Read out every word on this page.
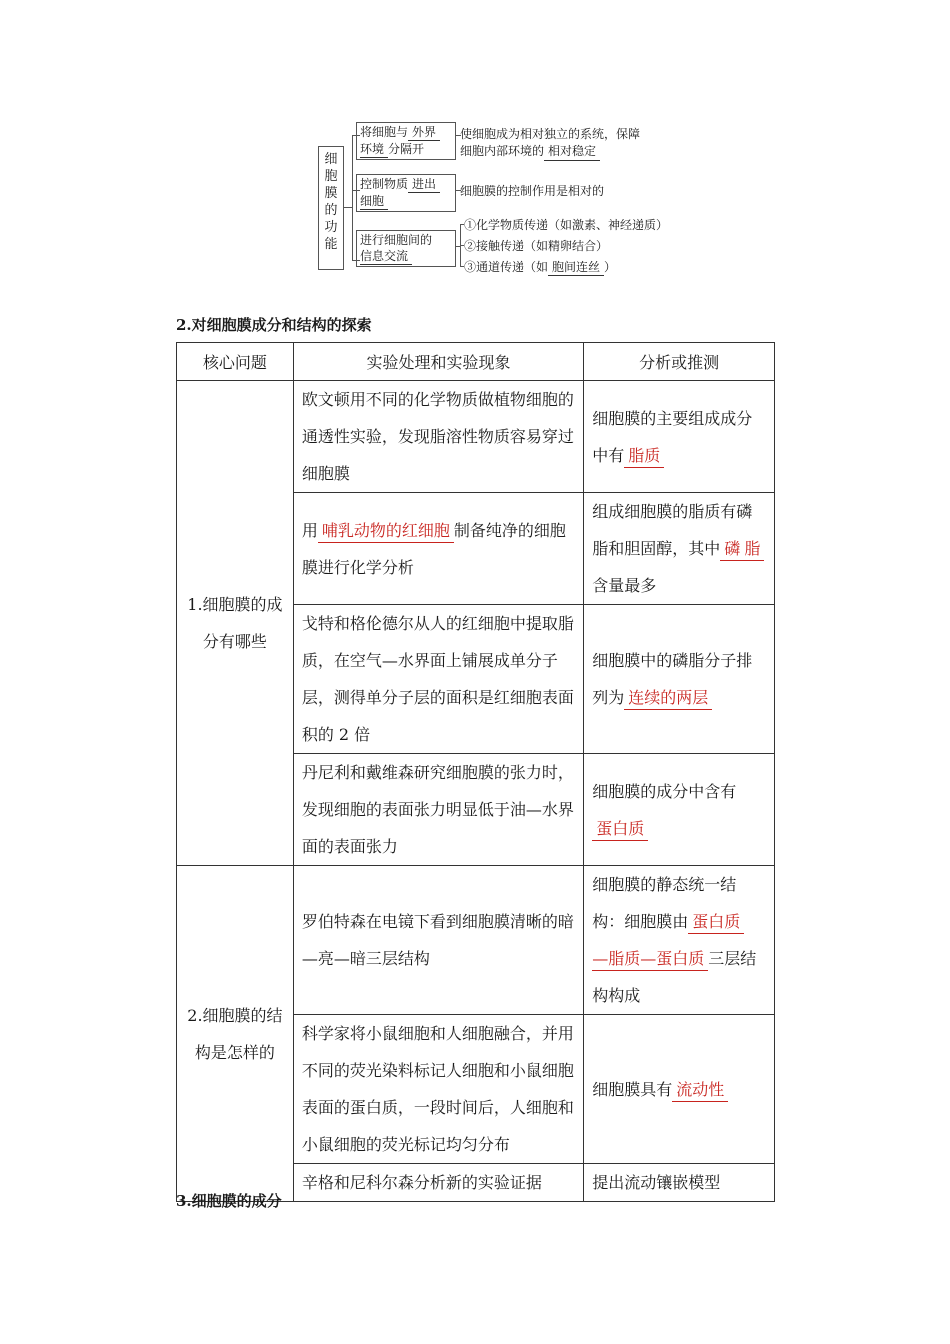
细
胞
膜
的
功
能
将细胞与 外界
环境 分隔开
使细胞成为相对独立的系统，保障
细胞内部环境的 相对稳定
控制物质 进出
细胞
细胞膜的控制作用是相对的
进行细胞间的
信息交流
①化学物质传递（如激素、神经递质）
②接触传递（如精卵结合）
③通道传递（如 胞间连丝 ）
2.对细胞膜成分和结构的探索
核心问题	实验处理和实验现象	分析或推测
1.细胞膜的成分有哪些	欧文顿用不同的化学物质做植物细胞的通透性实验，发现脂溶性物质容易穿过细胞膜	细胞膜的主要组成成分中有 脂质
	用 哺乳动物的红细胞 制备纯净的细胞膜进行化学分析	组成细胞膜的脂质有磷脂和胆固醇，其中 磷 脂含量最多
	戈特和格伦德尔从人的红细胞中提取脂质，在空气—水界面上铺展成单分子层，测得单分子层的面积是红细胞表面积的 2 倍	细胞膜中的磷脂分子排列为 连续的两层
	丹尼利和戴维森研究细胞膜的张力时，发现细胞的表面张力明显低于油—水界面的表面张力	细胞膜的成分中含有蛋白质
2.细胞膜的结构是怎样的	罗伯特森在电镜下看到细胞膜清晰的暗—亮—暗三层结构	细胞膜的静态统一结构：细胞膜由 蛋白质—脂质—蛋白质 三层结构构成
	科学家将小鼠细胞和人细胞融合，并用不同的荧光染料标记人细胞和小鼠细胞表面的蛋白质，一段时间后，人细胞和小鼠细胞的荧光标记均匀分布	细胞膜具有 流动性
	辛格和尼科尔森分析新的实验证据	提出流动镶嵌模型
3.细胞膜的成分
